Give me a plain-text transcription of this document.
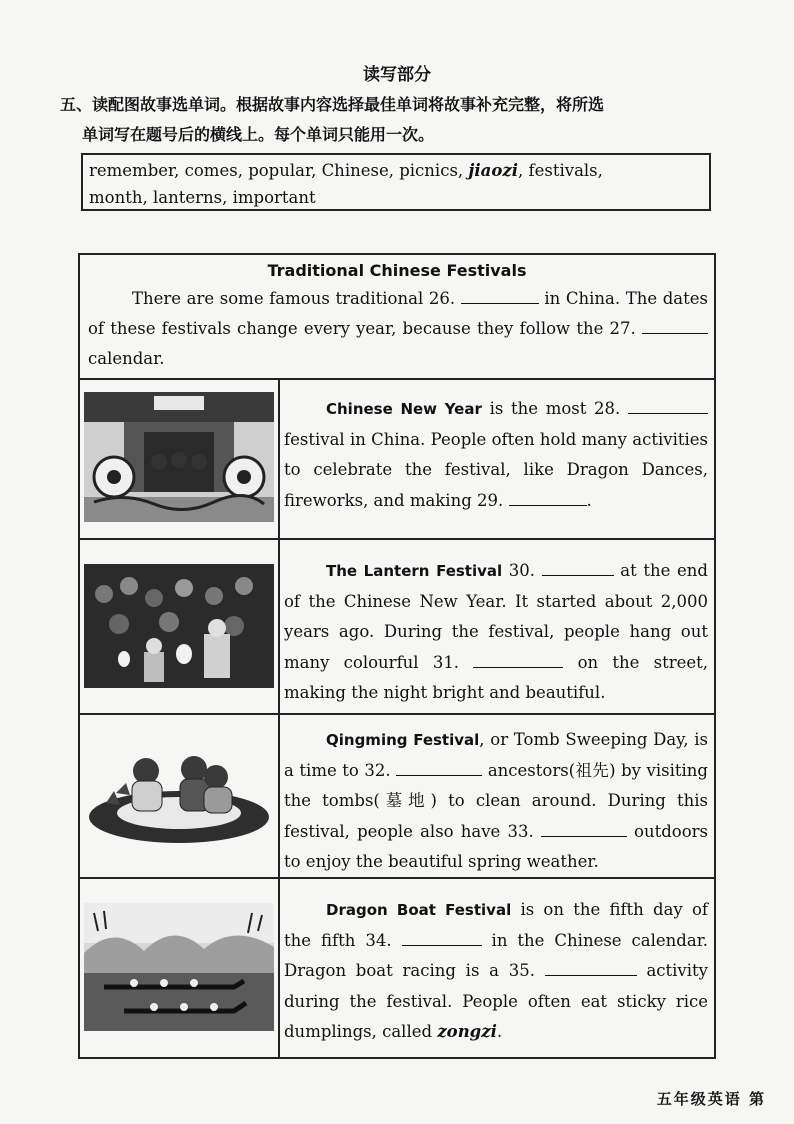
读写部分
五、读配图故事选单词。根据故事内容选择最佳单词将故事补充完整，将所选
单词写在题号后的横线上。每个单词只能用一次。
remember, comes, popular, Chinese, picnics, jiaozi, festivals,
month, lanterns, important
Traditional Chinese Festivals
There are some famous traditional 26.	in China. The dates of these festivals change every year, because they follow the 27.  calendar.
Chinese New Year is the most 28.  festival in China. People often hold many activities to celebrate the festival, like Dragon Dances, fireworks, and making 29.	.
The Lantern Festival 30.	at the end of the Chinese New Year. It started about 2,000 years ago. During the festival, people hang out many colourful 31.	on the street, making the night bright and beautiful.
Qingming Festival, or Tomb Sweeping Day, is a time to 32.	ancestors(祖先) by visiting the tombs(墓地) to clean around. During this festival, people also have 33.	outdoors to enjoy the beautiful spring weather.
Dragon Boat Festival is on the fifth day of the fifth 34.	in the Chinese calendar. Dragon boat racing is a 35.	activity during the festival. People often eat sticky rice dumplings, called zongzi.
五年级英语 第
